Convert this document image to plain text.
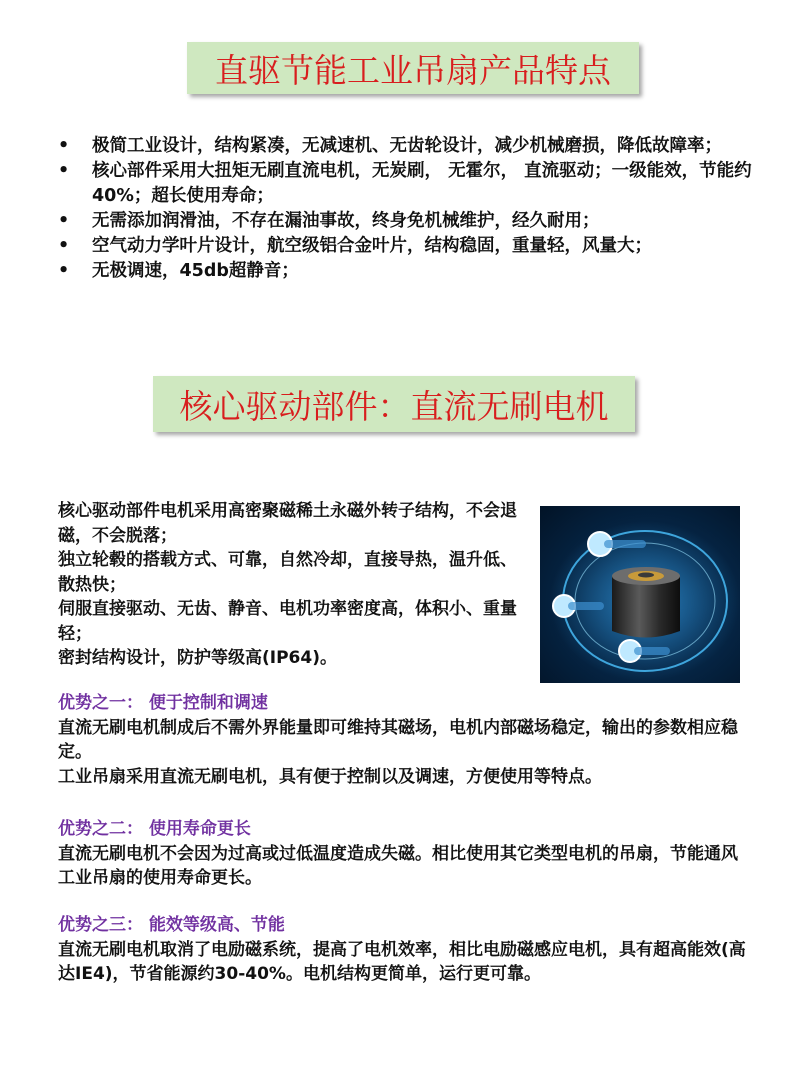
直驱节能工业吊扇产品特点
• 极简工业设计，结构紧凑，无减速机、无齿轮设计，减少机械磨损，降低故障率；
• 核心部件采用大扭矩无刷直流电机，无炭刷， 无霍尔， 直流驱动；一级能效，节能约40%；超长使用寿命；
• 无需添加润滑油，不存在漏油事故，终身免机械维护，经久耐用；
• 空气动力学叶片设计，航空级铝合金叶片，结构稳固，重量轻，风量大；
• 无极调速，45db超静音；
核心驱动部件：直流无刷电机
核心驱动部件电机采用高密聚磁稀土永磁外转子结构，不会退磁，不会脱落；
独立轮毂的搭载方式、可靠，自然冷却，直接导热，温升低、散热快；
伺服直接驱动、无齿、静音、电机功率密度高，体积小、重量轻；
密封结构设计，防护等级高(IP64)。
优势之一： 便于控制和调速
直流无刷电机制成后不需外界能量即可维持其磁场，电机内部磁场稳定，输出的参数相应稳定。
工业吊扇采用直流无刷电机，具有便于控制以及调速，方便使用等特点。
优势之二： 使用寿命更长
直流无刷电机不会因为过高或过低温度造成失磁。相比使用其它类型电机的吊扇，节能通风工业吊扇的使用寿命更长。
优势之三： 能效等级高、节能
直流无刷电机取消了电励磁系统，提高了电机效率，相比电励磁感应电机，具有超高能效(高达IE4)，节省能源约30-40%。电机结构更简单，运行更可靠。
